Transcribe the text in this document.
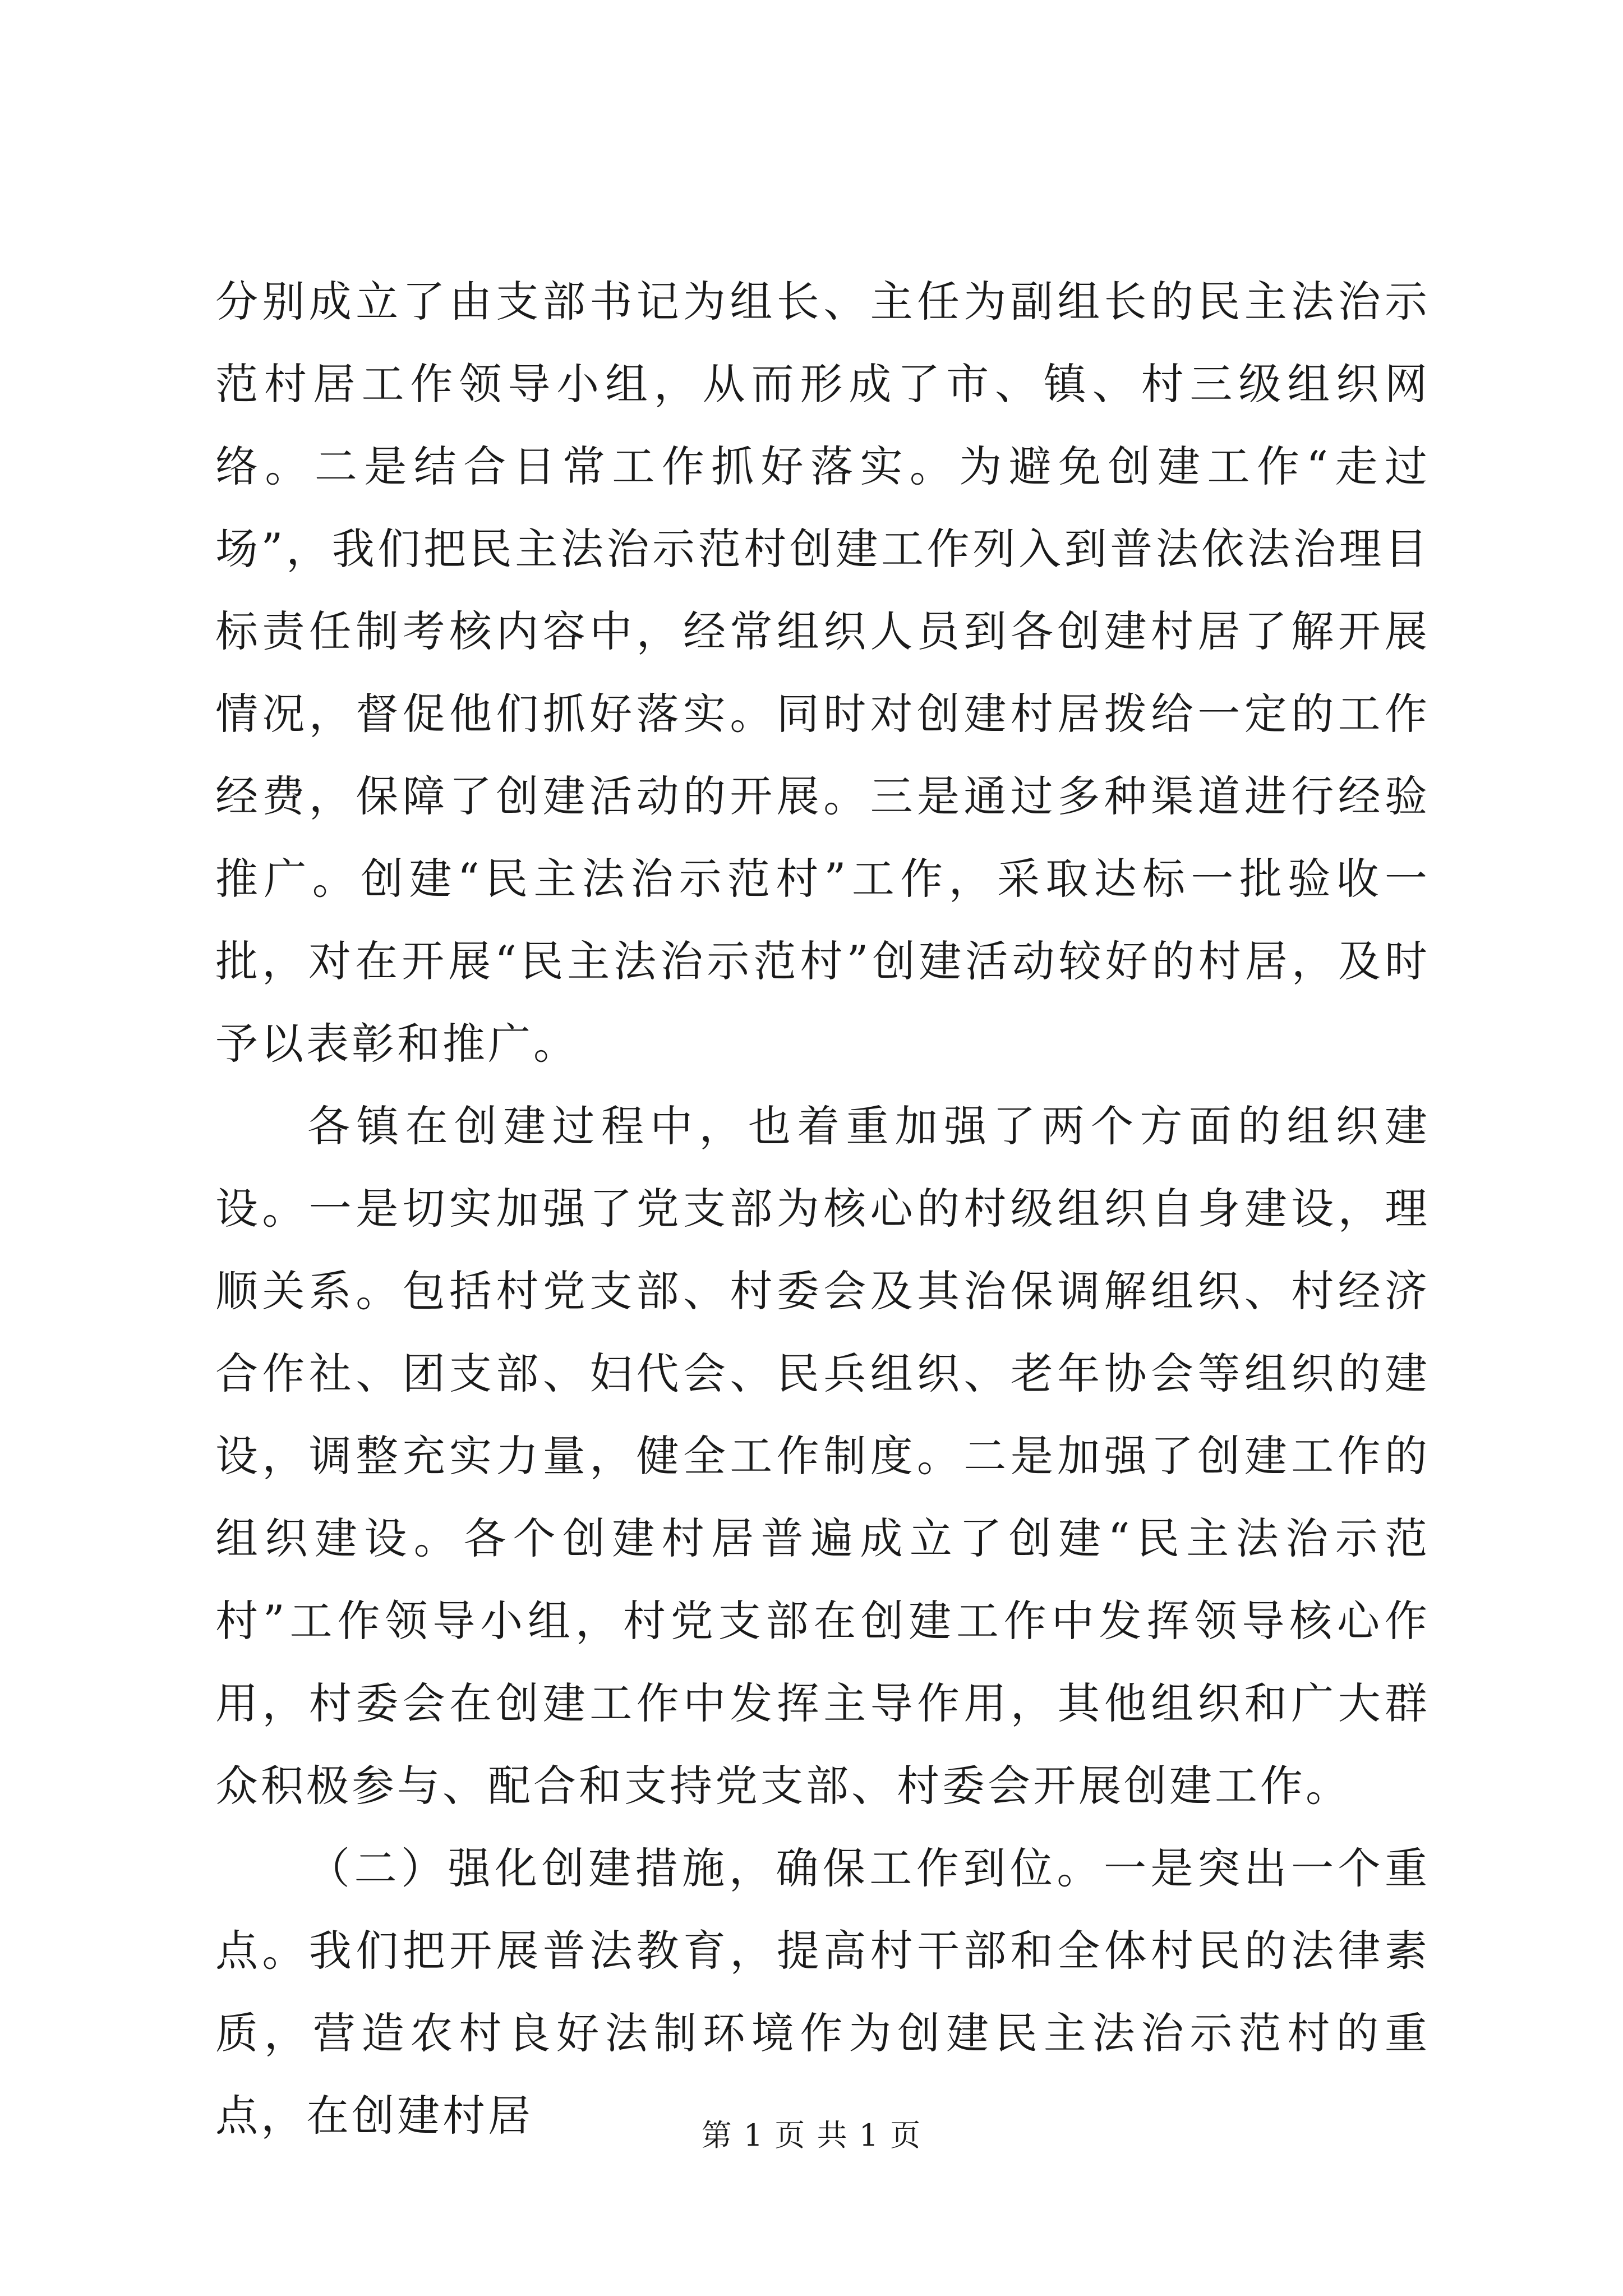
分别成立了由支部书记为组长、主任为副组长的民主法治示范村居工作领导小组，从而形成了市、镇、村三级组织网络。二是结合日常工作抓好落实。为避免创建工作“走过场”，我们把民主法治示范村创建工作列入到普法依法治理目标责任制考核内容中，经常组织人员到各创建村居了解开展情况，督促他们抓好落实。同时对创建村居拨给一定的工作经费，保障了创建活动的开展。三是通过多种渠道进行经验推广。创建“民主法治示范村”工作，采取达标一批验收一批，对在开展“民主法治示范村”创建活动较好的村居，及时予以表彰和推广。

各镇在创建过程中，也着重加强了两个方面的组织建设。一是切实加强了党支部为核心的村级组织自身建设，理顺关系。包括村党支部、村委会及其治保调解组织、村经济合作社、团支部、妇代会、民兵组织、老年协会等组织的建设，调整充实力量，健全工作制度。二是加强了创建工作的组织建设。各个创建村居普遍成立了创建“民主法治示范村”工作领导小组，村党支部在创建工作中发挥领导核心作用，村委会在创建工作中发挥主导作用，其他组织和广大群众积极参与、配合和支持党支部、村委会开展创建工作。

（二）强化创建措施，确保工作到位。一是突出一个重点。我们把开展普法教育，提高村干部和全体村民的法律素质，营造农村良好法制环境作为创建民主法治示范村的重点，在创建村居	第 1 页 共 1 页
